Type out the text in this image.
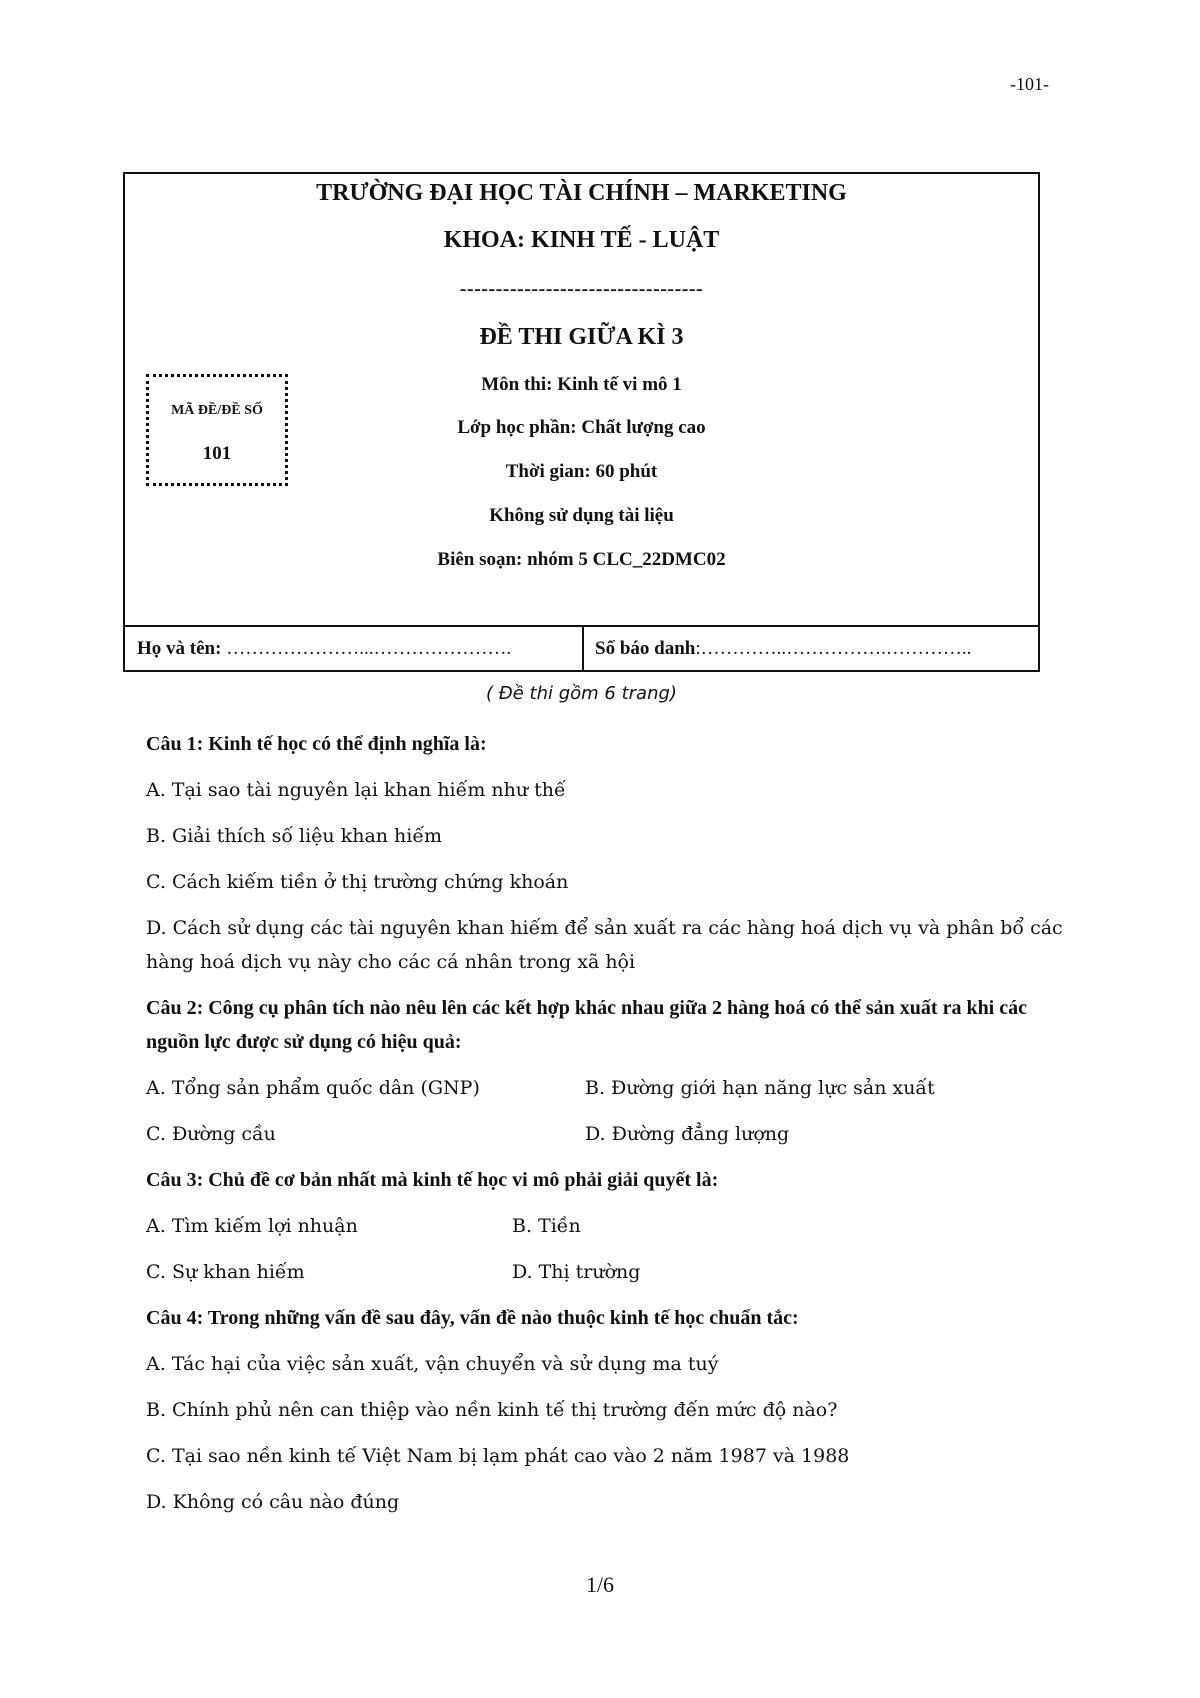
-101-
TRƯỜNG ĐẠI HỌC TÀI CHÍNH – MARKETING
KHOA: KINH TẾ - LUẬT
----------------------------------
ĐỀ THI GIỮA KÌ 3
Môn thi: Kinh tế vi mô 1
Lớp học phần: Chất lượng cao
Thời gian: 60 phút
Không sử dụng tài liệu
Biên soạn: nhóm 5 CLC_22DMC02
MÃ ĐỀ/ĐỀ SỐ
101
Họ và tên: …………………...………………….	Số báo danh:…………..…………….…………..
( Đề thi gồm 6 trang)

Câu 1: Kinh tế học có thể định nghĩa là:

A. Tại sao tài nguyên lại khan hiếm như thế

B. Giải thích số liệu khan hiếm

C. Cách kiếm tiền ở thị trường chứng khoán

D. Cách sử dụng các tài nguyên khan hiếm để sản xuất ra các hàng hoá dịch vụ và phân bổ các hàng hoá dịch vụ này cho các cá nhân trong xã hội

Câu 2: Công cụ phân tích nào nêu lên các kết hợp khác nhau giữa 2 hàng hoá có thể sản xuất ra khi các nguồn lực được sử dụng có hiệu quả:

A. Tổng sản phẩm quốc dân (GNP)	B. Đường giới hạn năng lực sản xuất
C. Đường cầu	D. Đường đẳng lượng

Câu 3: Chủ đề cơ bản nhất mà kinh tế học vi mô phải giải quyết là:

A. Tìm kiếm lợi nhuận	B. Tiền
C. Sự khan hiếm	D. Thị trường

Câu 4: Trong những vấn đề sau đây, vấn đề nào thuộc kinh tế học chuẩn tắc:

A. Tác hại của việc sản xuất, vận chuyển và sử dụng ma tuý

B. Chính phủ nên can thiệp vào nền kinh tế thị trường đến mức độ nào?

C. Tại sao nền kinh tế Việt Nam bị lạm phát cao vào 2 năm 1987 và 1988

D. Không có câu nào đúng

1/6
